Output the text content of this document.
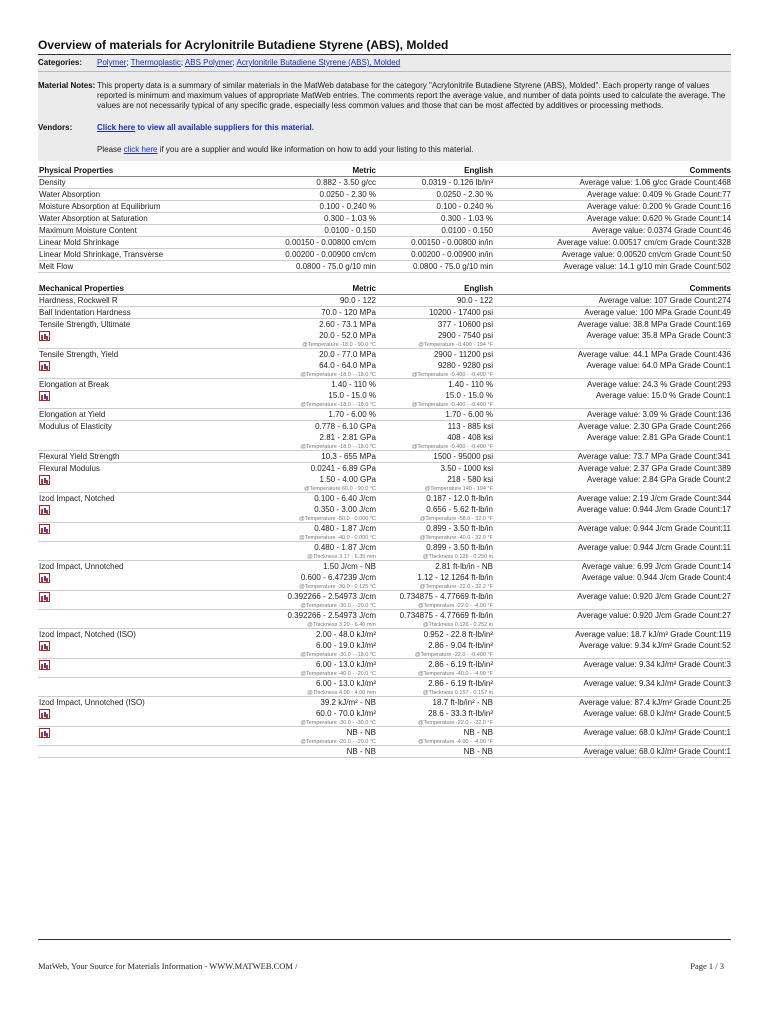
Overview of materials for Acrylonitrile Butadiene Styrene (ABS), Molded
Categories:	Polymer; Thermoplastic; ABS Polymer; Acrylonitrile Butadiene Styrene (ABS), Molded
Material Notes: This property data is a summary of similar materials in the MatWeb database for the category "Acrylonitrile Butadiene Styrene (ABS), Molded". Each property range of values reported is minimum and maximum values of appropriate MatWeb entries. The comments report the average value, and number of data points used to calculate the average. The values are not necessarily typical of any specific grade, especially less common values and those that can be most affected by additives or processing methods.
Vendors:	Click here to view all available suppliers for this material.
Please click here if you are a supplier and would like information on how to add your listing to this material.
Physical Properties	Metric	English	Comments
Density	0.882 - 3.50 g/cc	0.0319 - 0.126 lb/in³	Average value: 1.06 g/cc Grade Count:468
Water Absorption	0.0250 - 2.30 %	0.0250 - 2.30 %	Average value: 0.409 % Grade Count:77
Moisture Absorption at Equilibrium	0.100 - 0.240 %	0.100 - 0.240 %	Average value: 0.200 % Grade Count:16
Water Absorption at Saturation	0.300 - 1.03 %	0.300 - 1.03 %	Average value: 0.620 % Grade Count:14
Maximum Moisture Content	0.0100 - 0.150	0.0100 - 0.150	Average value: 0.0374 Grade Count:46
Linear Mold Shrinkage	0.00150 - 0.00800 cm/cm	0.00150 - 0.00800 in/in	Average value: 0.00517 cm/cm Grade Count:328
Linear Mold Shrinkage, Transverse	0.00200 - 0.00900 cm/cm	0.00200 - 0.00900 in/in	Average value: 0.00520 cm/cm Grade Count:50
Melt Flow	0.0800 - 75.0 g/10 min	0.0800 - 75.0 g/10 min	Average value: 14.1 g/10 min Grade Count:502
Mechanical Properties	Metric	English	Comments
Hardness, Rockwell R	90.0 - 122	90.0 - 122	Average value: 107 Grade Count:274
Ball Indentation Hardness	70.0 - 120 MPa	10200 - 17400 psi	Average value: 100 MPa Grade Count:49
Tensile Strength, Ultimate	2.60 - 73.1 MPa	377 - 10600 psi	Average value: 38.8 MPa Grade Count:169
	20.0 - 52.0 MPa	2900 - 7540 psi	Average value: 35.8 MPa Grade Count:3
	@Temperature -18.0 - 90.0 °C	@Temperature -0.400 - 194 °F	
Tensile Strength, Yield	20.0 - 77.0 MPa	2900 - 11200 psi	Average value: 44.1 MPa Grade Count:436
	64.0 - 64.0 MPa	9280 - 9280 psi	Average value: 64.0 MPa Grade Count:1
	@Temperature -18.0 - -18.0 °C	@Temperature -0.400 - -0.400 °F	
Elongation at Break	1.40 - 110 %	1.40 - 110 %	Average value: 24.3 % Grade Count:293
	15.0 - 15.0 %	15.0 - 15.0 %	Average value: 15.0 % Grade Count:1
	@Temperature -18.0 - -18.0 °C	@Temperature -0.400 - -0.400 °F	
Elongation at Yield	1.70 - 6.00 %	1.70 - 6.00 %	Average value: 3.09 % Grade Count:136
Modulus of Elasticity	0.778 - 6.10 GPa	113 - 885 ksi	Average value: 2.30 GPa Grade Count:266
	2.81 - 2.81 GPa	408 - 408 ksi	Average value: 2.81 GPa Grade Count:1
	@Temperature -18.0 - -18.0 °C	@Temperature -0.400 - -0.400 °F	
Flexural Yield Strength	10.3 - 655 MPa	1500 - 95000 psi	Average value: 73.7 MPa Grade Count:341
Flexural Modulus	0.0241 - 6.89 GPa	3.50 - 1000 ksi	Average value: 2.37 GPa Grade Count:389
	1.50 - 4.00 GPa	218 - 580 ksi	Average value: 2.84 GPa Grade Count:2
	@Temperature 60.0 - 90.0 °C	@Temperature 140 - 194 °F	
Izod Impact, Notched	0.100 - 6.40 J/cm	0.187 - 12.0 ft-lb/in	Average value: 2.19 J/cm Grade Count:344
	0.350 - 3.00 J/cm	0.656 - 5.62 ft-lb/in	Average value: 0.944 J/cm Grade Count:17
	@Temperature -50.0 - 0.000 °C	@Temperature -58.0 - 32.0 °F	
	0.480 - 1.87 J/cm	0.899 - 3.50 ft-lb/in	Average value: 0.944 J/cm Grade Count:11
	@Temperature -40.0 - 0.000 °C	@Temperature -40.0 - 32.0 °F	
	0.480 - 1.87 J/cm	0.899 - 3.50 ft-lb/in	Average value: 0.944 J/cm Grade Count:11
	@Thickness 3.17 - 6.35 mm	@Thickness 0.125 - 0.250 in	
Izod Impact, Unnotched	1.50 J/cm - NB	2.81 ft-lb/in - NB	Average value: 6.99 J/cm Grade Count:14
	0.600 - 6.47239 J/cm	1.12 - 12.1264 ft-lb/in	Average value: 0.944 J/cm Grade Count:4
	@Temperature -30.0 - 0.125 °C	@Temperature -22.0 - 32.2 °F	
	0.392266 - 2.54973 J/cm	0.734875 - 4.77669 ft-lb/in	Average value: 0.920 J/cm Grade Count:27
	@Temperature -30.0 - -20.0 °C	@Temperature -22.0 - -4.00 °F	
	0.392266 - 2.54973 J/cm	0.734875 - 4.77669 ft-lb/in	Average value: 0.920 J/cm Grade Count:27
	@Thickness 3.20 - 6.40 mm	@Thickness 0.126 - 0.252 in	
Izod Impact, Notched (ISO)	2.00 - 48.0 kJ/m²	0.952 - 22.8 ft-lb/in²	Average value: 18.7 kJ/m² Grade Count:119
	6.00 - 19.0 kJ/m²	2.86 - 9.04 ft-lb/in²	Average value: 9.34 kJ/m² Grade Count:52
	@Temperature -30.0 - -18.0 °C	@Temperature -22.0 - -0.400 °F	
	6.00 - 13.0 kJ/m²	2.86 - 6.19 ft-lb/in²	Average value: 9.34 kJ/m² Grade Count:3
	@Temperature -40.0 - -20.0 °C	@Temperature -40.0 - -4.00 °F	
	6.00 - 13.0 kJ/m²	2.86 - 6.19 ft-lb/in²	Average value: 9.34 kJ/m² Grade Count:3
	@Thickness 4.00 - 4.00 mm	@Thickness 0.157 - 0.157 in	
Izod Impact, Unnotched (ISO)	39.2 kJ/m² - NB	18.7 ft-lb/in² - NB	Average value: 87.4 kJ/m² Grade Count:25
	60.0 - 70.0 kJ/m²	28.6 - 33.3 ft-lb/in²	Average value: 68.0 kJ/m² Grade Count:5
	@Temperature -30.0 - -30.0 °C	@Temperature -22.0 - -22.0 °F	
	NB - NB	NB - NB	Average value: 68.0 kJ/m² Grade Count:1
	@Temperature -20.0 - -20.0 °C	@Temperature -4.00 - -4.00 °F	
	NB - NB	NB - NB	Average value: 68.0 kJ/m² Grade Count:1
MatWeb, Your Source for Materials Information - WWW.MATWEB.COM /	Page 1 / 3
